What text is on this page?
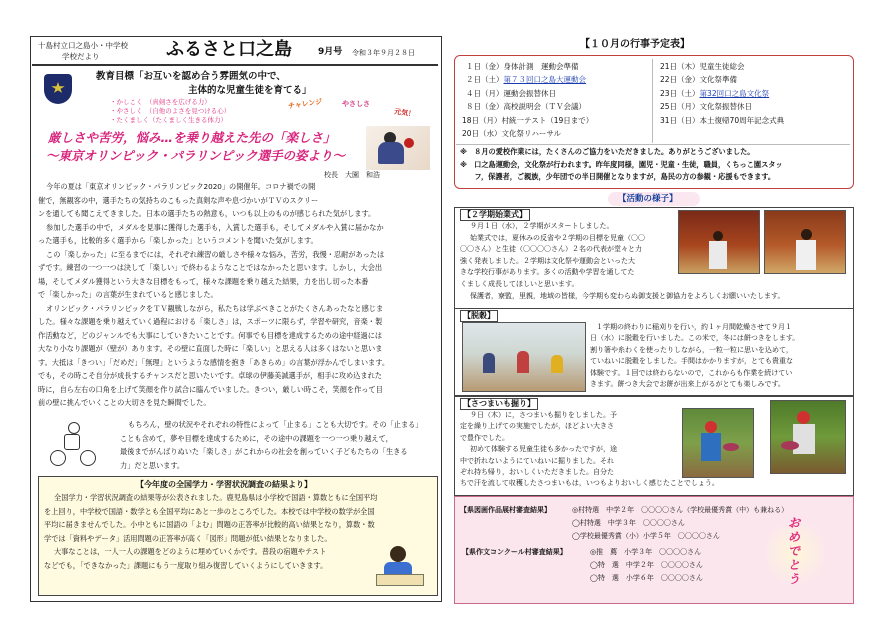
十島村立口之島小・中学校
学校だより	ふるさと口之島	9月号 令和３年９月２８日
教育目標「お互いを認め合う雰囲気の中で、
主体的な児童生徒を育てる」
・かしこく　（真剣さを広げる力）
・やさしく　（自他のよさを見つける心）
・たくましく（たくましく生きる体力）
チャレンジ	やさしさ
元気！
厳しさや苦労，悩み…を乗り越えた先の「楽しさ」
～東京オリンピック・パラリンピック選手の姿より～
校長　大園　和浩
今年の夏は「東京オリンピック・パラリンピック2020」の開催年。コロナ禍での開
催で，無観客の中，選手たちの気持ちのこもった真剣な声や息づかいがＴＶのスクリー
ンを通しても聞こえてきました。日本の選手たちの熱意も，いつも以上のものが感じられた気がします。
参加した選手の中で，メダルを見事に獲得した選手も，入賞した選手も，そしてメダルや入賞に届かなか
った選手も，比較的多く選手から「楽しかった」というコメントを聞いた気がします。
この「楽しかった」に至るまでには，それぞれ練習の厳しさや様々な悩み，苦労，我慢・忍耐があったは
ずです。練習の一つ一つは決して「楽しい」で終わるようなことではなかったと思います。しかし，大会出
場，そしてメダル獲得という大きな目標をもって，様々な課題を乗り越えた結果，力を出し切った本番
で「楽しかった」の言葉が生まれていると感じました。
オリンピック・パラリンピックをＴＶ観戦しながら，私たちは学ぶべきことがたくさんあったなと感じま
した。様々な課題を乗り越えていく過程における「楽しさ」は，スポーツに限らず，学習や研究，音楽・製
作活動など，どのジャンルでも大事にしていきたいことです。何事でも目標を達成するための途中経過には
大なり小なり課題が（壁が）あります。その壁に直面した時に「楽しい」と思える人は多くはないと思いま
す。大抵は「きつい」「だめだ」「無理」というような感情を抱き「あきらめ」の言葉が浮かんでしまいます。
でも，その時こそ自分が成長するチャンスだと思いたいです。卓球の伊藤美誠選手が，相手に攻め込まれた
時に，自ら左右の口角を上げて笑顔を作り試合に臨んでいました。きつい，厳しい時こそ，笑顔を作って目
前の壁に挑んでいくことの大切さを見た瞬間でした。
もちろん，壁の状況やそれぞれの特性によって「止まる」ことも大切です。その「止まる」
ことも含めて，夢や目標を達成するために，その途中の課題を一つ一つ乗り越えて，
最後までがんばりぬいた「楽しさ」がこれからの社会を創っていく子どもたちの「生きる
力」だと思います。
【今年度の全国学力・学習状況調査の結果より】
全国学力・学習状況調査の結果等が公表されました。鹿児島県は小学校で国語・算数ともに全国平均
を上回り，中学校で国語・数学とも全国平均にあと一歩のところでした。本校では中学校の数学が全国
平均に届きませんでした。小中ともに国語の「よむ」問題の正答率が比較的高い結果となり，算数・数
学では「資料やデータ」活用問題の正答率が高く「図形」問題が低い結果となりました。
大事なことは，一人一人の課題をどのように埋めていくかです。普段の宿題やテスト
などでも，「できなかった」課題にもう一度取り組み復習していくようにしていきます。
【１０月の行事予定表】
１日（金）身体計測　運動会準備
２日（土）第７３回口之島大運動会
４日（月）運動会振替休日
８日（金）高校説明会（ＴＶ会議）
18日（月）村統一テスト（19日まで）
20日（水）文化祭リハーサル
21日（木）児童生徒総会
22日（金）文化祭準備
23日（土）第32回口之島文化祭
25日（月）文化祭振替休日
31日（日）本土復帰70周年記念式典
※　８月の愛校作業には，たくさんのご協力をいただきました。ありがとうございました。
※　口之島運動会，文化祭が行われます。昨年度同様，園児・児童・生徒，職員，くちっこ園スタッ
　　フ，保護者，ご親族，少年団での半日開催となりますが，島民の方の参観・応援もできます。
【活動の様子】
【２学期始業式】
９月１日（水），２学期がスタートしました。
始業式では，夏休みの反省や２学期の目標を児童（〇〇
〇〇さん）と生徒（〇〇〇〇さん）２名の代表が堂々と力
強く発表しました。２学期は文化祭や運動会といった大
きな学校行事があります。多くの活動や学習を通してた
くましく成長してほしいと思います。
保護者，寮監，里親，地域の皆様，今学期も変わらぬ御支援と御協力をよろしくお願いいたします。
【脱穀】
１学期の終わりに稲刈りを行い，約１ヶ月間乾燥させて９月１
日（水）に脱穀を行いました。この米で，冬には餅つきをします。
割り箸や糸わくを使ったりしながら，一粒一粒に思いを込めて，
ていねいに脱穀をしました。手間はかかりますが，とても貴重な
体験です。１回では終わらないので，これからも作業を続けてい
きます。餅つき大会でお餅が出来上がるがとても楽しみです。
【さつまいも掘り】
９日（木）に，さつまいも掘りをしました。予
定を繰り上げての実施でしたが，ほどよい大きさ
で豊作でした。
初めて体験する児童生徒も多かったですが，途
中で折れないようにていねいに掘りました。それ
ぞれ持ち帰り，おいしくいただきました。自分た
ちで汗を流して収穫したさつまいもは，いつもよりおいしく感じたことでしょう。
【県図画作品展村審査結果】	◎村特選　中学２年　〇〇〇〇さん（学校最優秀賞（中）も兼ねる）
◯村特選　中学３年　〇〇〇〇さん
◯学校最優秀賞（小）小学５年　〇〇〇〇さん
【県作文コンクール村審査結果】	◎推　薦　小学３年　〇〇〇〇さん
◯特　選　中学２年　〇〇〇〇さん
◯特　選　小学６年　〇〇〇〇さん
おめでとう
